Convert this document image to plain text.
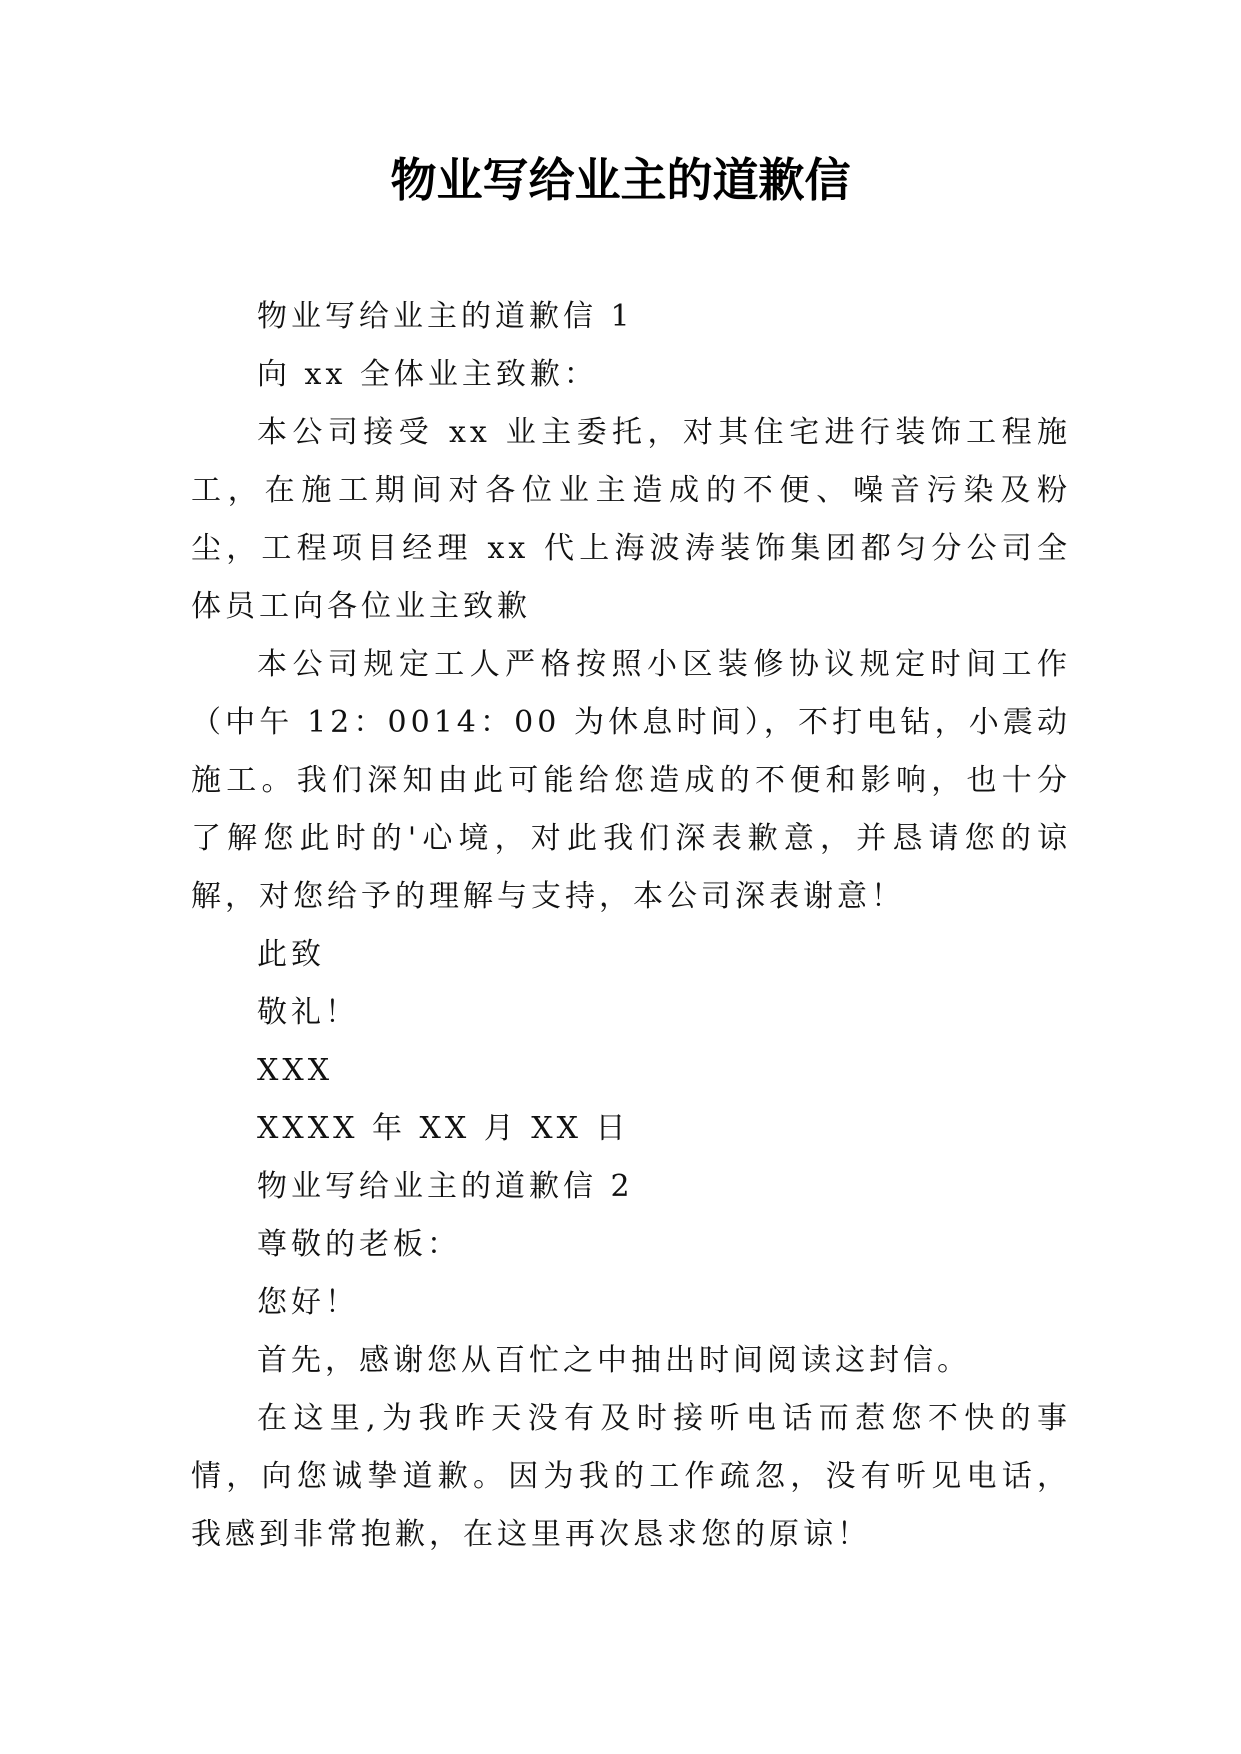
物业写给业主的道歉信

物业写给业主的道歉信 1

向 xx 全体业主致歉：

本公司接受 xx 业主委托，对其住宅进行装饰工程施工，在施工期间对各位业主造成的不便、噪音污染及粉尘，工程项目经理 xx 代上海波涛装饰集团都匀分公司全体员工向各位业主致歉

本公司规定工人严格按照小区装修协议规定时间工作（中午 12：0014：00 为休息时间），不打电钻，小震动施工。我们深知由此可能给您造成的不便和影响，也十分了解您此时的'心境，对此我们深表歉意，并恳请您的谅解，对您给予的理解与支持，本公司深表谢意！

此致

敬礼！

XXX

XXXX 年 XX 月 XX 日

物业写给业主的道歉信 2

尊敬的老板：

您好！

首先，感谢您从百忙之中抽出时间阅读这封信。

在这里,为我昨天没有及时接听电话而惹您不快的事情，向您诚挚道歉。因为我的工作疏忽，没有听见电话，我感到非常抱歉，在这里再次恳求您的原谅！
